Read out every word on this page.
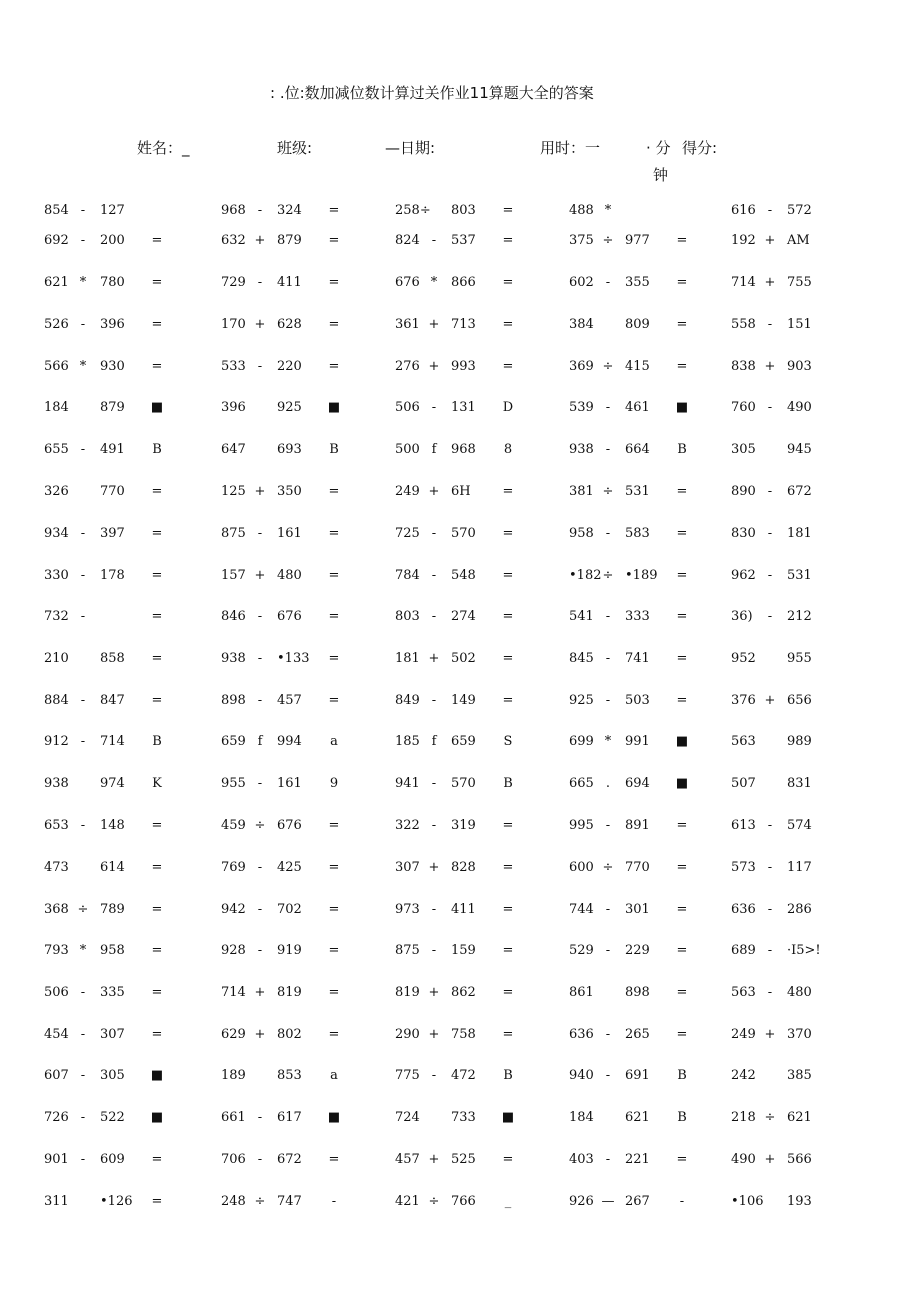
: .位:数加减位数计算过关作业11算题大全的答案
姓名：_	班级:	—日期:	用时：一	· 分
钟
得分:
854 -	127	968 -	324 =	258÷ 803 =	488 *	616 -	572
692 -	200 =	632 + 879 =	824 -	537 =	375 ÷ 977 =	192 + AM
621 * 780 =	729 -	411 =	676 * 866 =	602 -	355 =	714 + 755
526 -	396 =	170 + 628 =	361 + 713 =	384 809 =	558 -	151
566 * 930 =	533 -	220 =	276 + 993 =	369 ÷ 415 =	838 + 903
184 879 ■	396 925 ■	506 -	131 D	539 -	461 ■	760 -	490
655 -	491 B	647 693 B	500 f	968 8	938 -	664 B	305 945
326 770 =	125 + 350 =	249 + 6H =	381 ÷ 531 =	890 -	672
934 -	397 =	875 -	161 =	725 -	570 =	958 -	583 =	830 -	181
330 -	178 =	157 + 480 =	784 -	548 =	•182 ÷ •189 =	962 -	531
732 -	=	846 -	676 =	803 -	274 =	541 -	333 =	36)	-	212
210 858 =	938 -	•133 =	181 + 502 =	845 -	741 =	952 955
884 -	847 =	898 -	457 =	849 -	149 =	925 -	503 =	376 + 656
912 -	714 B	659 f	994 a	185 f	659 S	699 * 991 ■	563 989
938 974 K	955 -	161 9	941 -	570 B	665 .	694 ■	507 831
653 -	148 =	459 ÷ 676 =	322 -	319 =	995 -	891 =	613 -	574
473 614 =	769 -	425 =	307 + 828 =	600 ÷ 770 =	573 -	117
368 ÷ 789 =	942 -	702 =	973 -	411 =	744 -	301 =	636 -	286
793 * 958 =	928 -	919 =	875 -	159 =	529 -	229 =	689 -	·I5>!
506 -	335 =	714 + 819 =	819 + 862 =	861 898 =	563 -	480
454 -	307 =	629 + 802 =	290 + 758 =	636 -	265 =	249 + 370
607 -	305 ■	189 853 a	775 -	472 B	940 -	691 B	242 385
726 -	522 ■	661 -	617 ■	724 733 ■	184 621 B	218 ÷ 621
901 -	609 =	706 -	672 =	457 + 525 =	403 -	221 =	490 + 566
311 •126 =	248 ÷ 747	-	421 ÷ 766 _	926 — 267	-	•106 193
